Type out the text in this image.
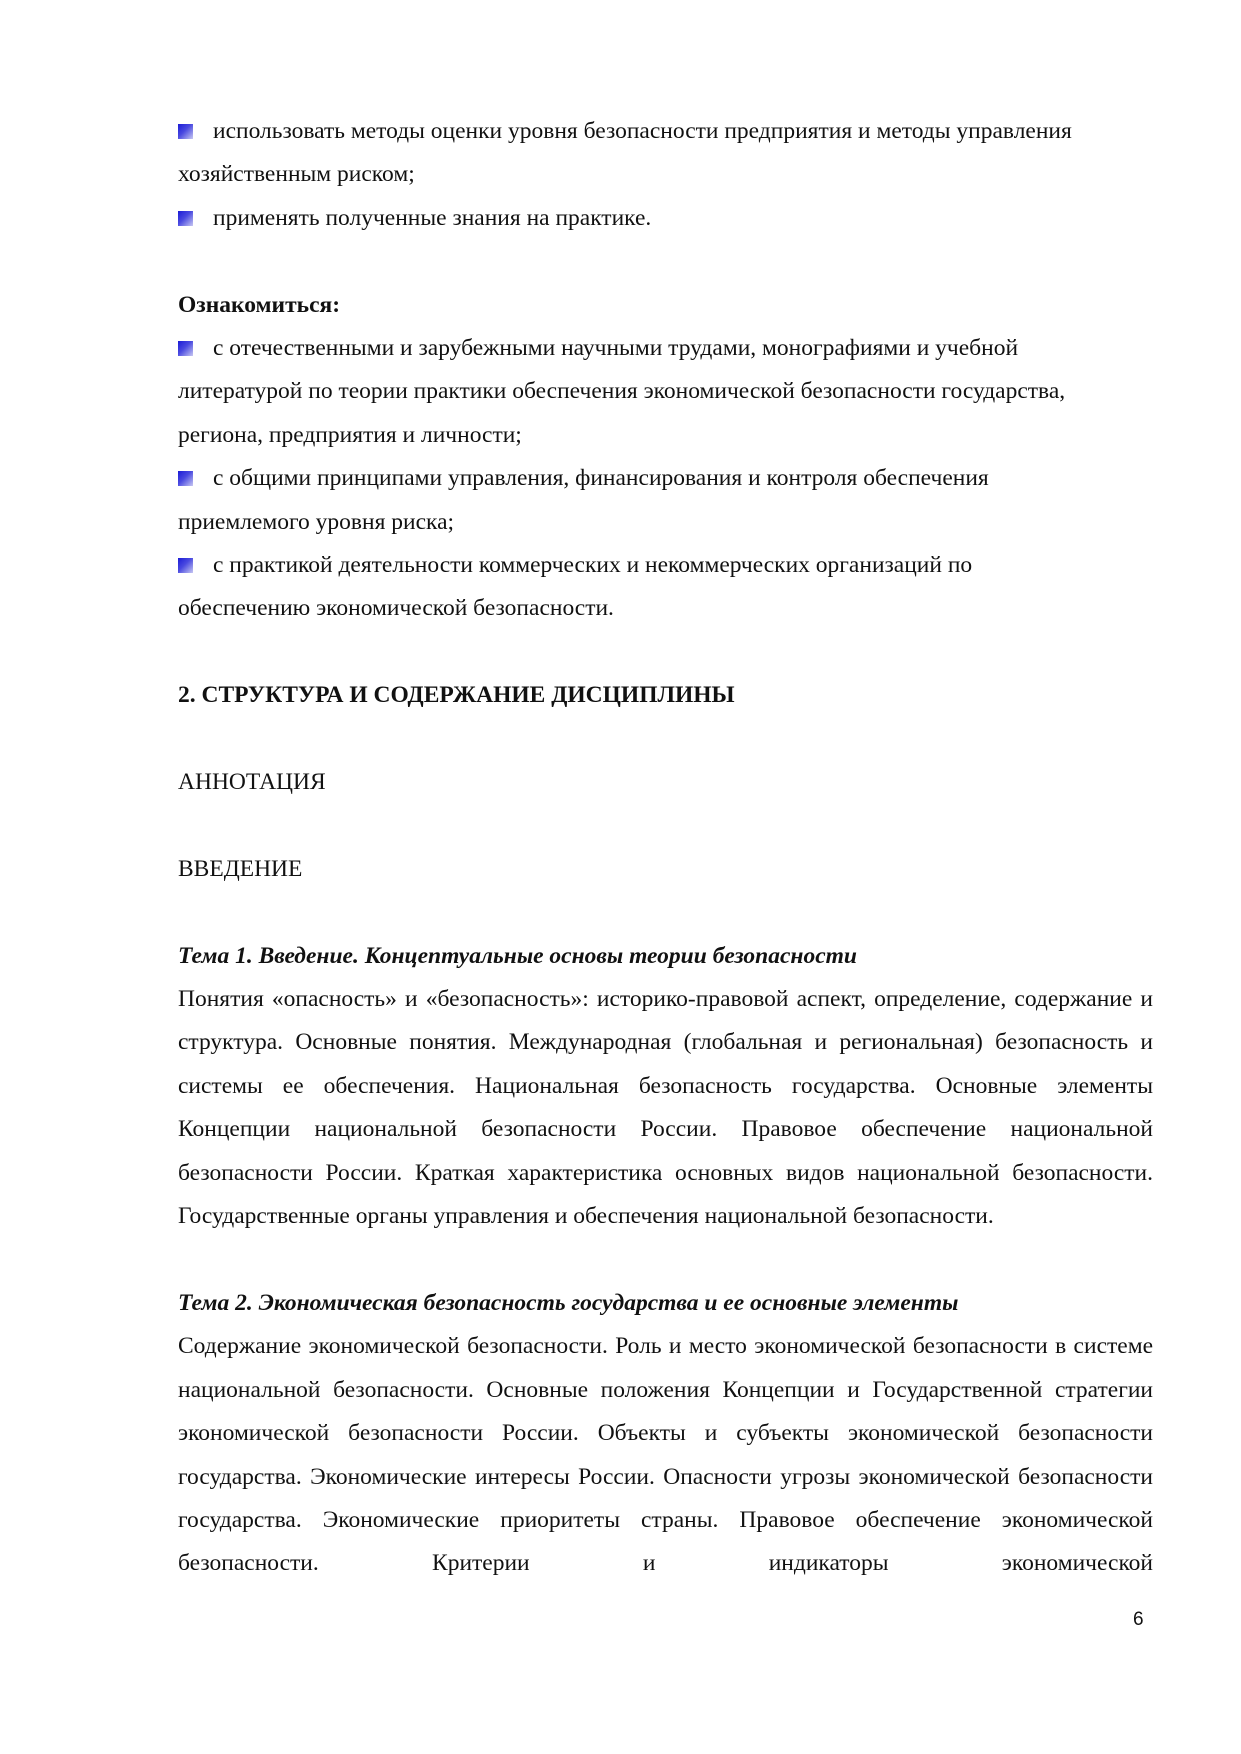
использовать методы оценки уровня безопасности предприятия и методы управления
хозяйственным риском;
применять полученные знания на практике.
Ознакомиться:
с отечественными и зарубежными научными трудами, монографиями и учебной
литературой по теории практики обеспечения экономической безопасности государства,
региона, предприятия и личности;
с общими принципами управления, финансирования и контроля обеспечения
приемлемого уровня риска;
с практикой деятельности коммерческих и некоммерческих организаций по
обеспечению экономической безопасности.
2. СТРУКТУРА И СОДЕРЖАНИЕ ДИСЦИПЛИНЫ
АННОТАЦИЯ
ВВЕДЕНИЕ
Тема 1. Введение. Концептуальные основы теории безопасности
Понятия «опасность» и «безопасность»: историко-правовой аспект, определение, содержание и структура. Основные понятия. Международная (глобальная и региональная) безопасность и системы ее обеспечения. Национальная безопасность государства. Основные элементы Концепции национальной безопасности России. Правовое обеспечение национальной безопасности России. Краткая характеристика основных видов национальной безопасности. Государственные органы управления и обеспечения национальной безопасности.
Тема 2. Экономическая безопасность государства и ее основные элементы
Содержание экономической безопасности. Роль и место экономической безопасности в системе национальной безопасности. Основные положения Концепции и Государственной стратегии экономической безопасности России. Объекты и субъекты экономической безопасности государства. Экономические интересы России. Опасности угрозы экономической безопасности государства. Экономические приоритеты страны. Правовое обеспечение экономической безопасности. Критерии и индикаторы экономической
6
